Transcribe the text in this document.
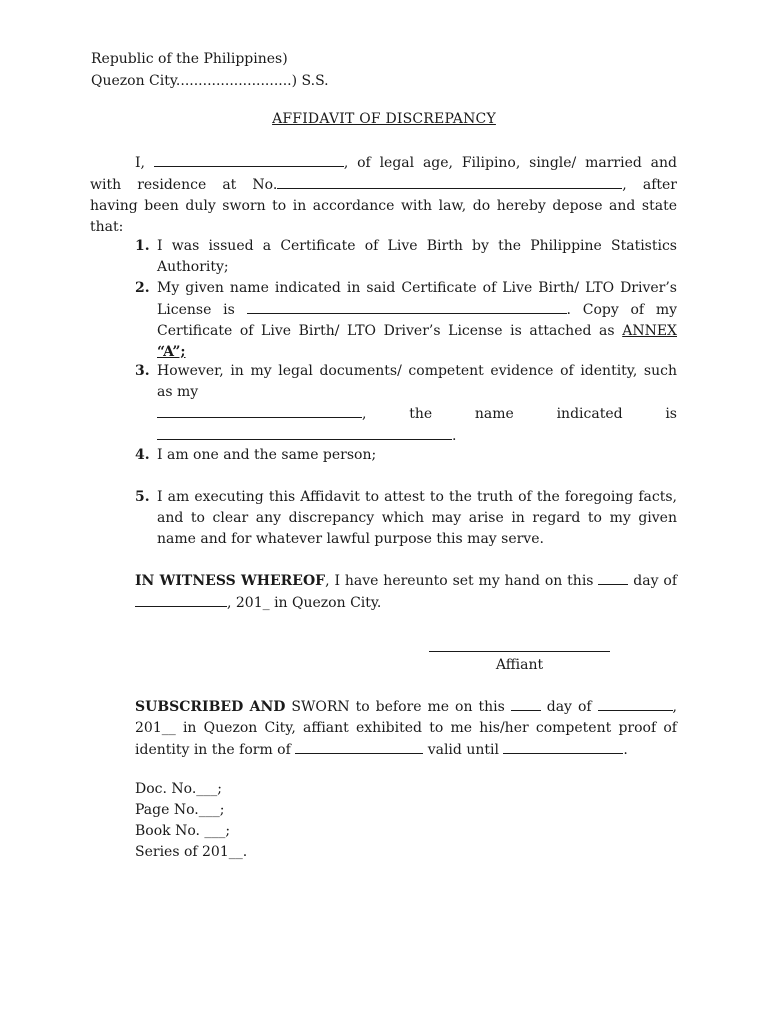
Republic of the Philippines)
Quezon City..........................) S.S.
AFFIDAVIT OF DISCREPANCY
I,	, of legal age, Filipino, single/ married and with residence at No.	, after having been duly sworn to in accordance with law, do hereby depose and state that:
1. I was issued a Certificate of Live Birth by the Philippine Statistics Authority;
2. My given name indicated in said Certificate of Live Birth/ LTO Driver’s License is	. Copy of my Certificate of Live Birth/ LTO Driver’s License is attached as ANNEX “A”;
3. However, in my legal documents/ competent evidence of identity, such as my
, the name indicated is
.
4. I am one and the same person;
5. I am executing this Affidavit to attest to the truth of the foregoing facts, and to clear any discrepancy which may arise in regard to my given name and for whatever lawful purpose this may serve.
IN WITNESS WHEREOF, I have hereunto set my hand on this	day of , 201_ in Quezon City.
Affiant
SUBSCRIBED AND SWORN to before me on this	day of	, 201__ in Quezon City, affiant exhibited to me his/her competent proof of identity in the form of	valid until	.
Doc. No.___;
Page No.___;
Book No. ___;
Series of 201__.
